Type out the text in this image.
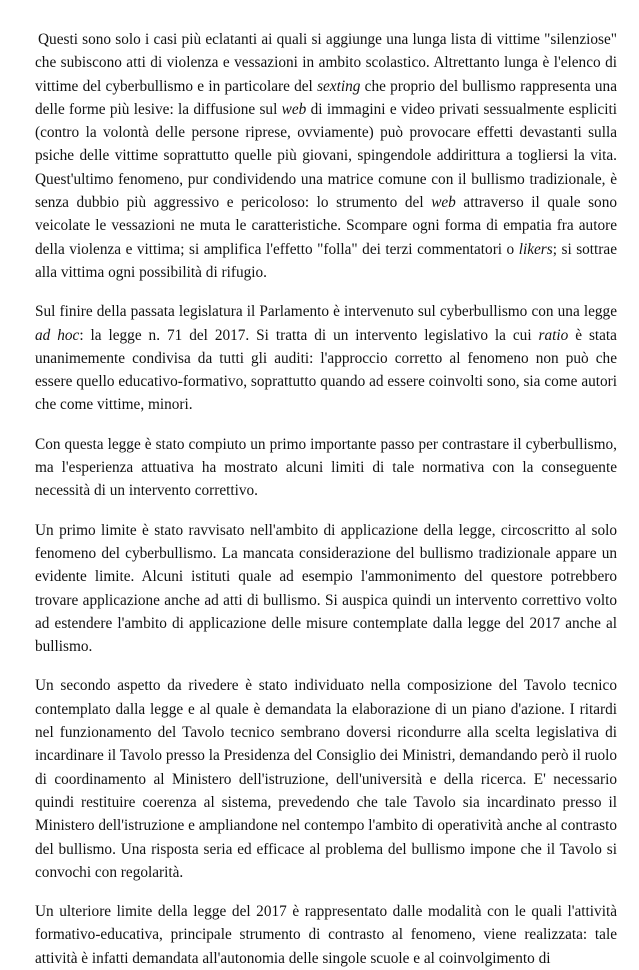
Questi sono solo i casi più eclatanti ai quali si aggiunge una lunga lista di vittime "silenziose" che subiscono atti di violenza e vessazioni in ambito scolastico. Altrettanto lunga è l'elenco di vittime del cyberbullismo e in particolare del sexting che proprio del bullismo rappresenta una delle forme più lesive: la diffusione sul web di immagini e video privati sessualmente espliciti (contro la volontà delle persone riprese, ovviamente) può provocare effetti devastanti sulla psiche delle vittime soprattutto quelle più giovani, spingendole addirittura a togliersi la vita. Quest'ultimo fenomeno, pur condividendo una matrice comune con il bullismo tradizionale, è senza dubbio più aggressivo e pericoloso: lo strumento del web attraverso il quale sono veicolate le vessazioni ne muta le caratteristiche. Scompare ogni forma di empatia fra autore della violenza e vittima; si amplifica l'effetto "folla" dei terzi commentatori o likers; si sottrae alla vittima ogni possibilità di rifugio.

Sul finire della passata legislatura il Parlamento è intervenuto sul cyberbullismo con una legge ad hoc: la legge n. 71 del 2017. Si tratta di un intervento legislativo la cui ratio è stata unanimemente condivisa da tutti gli auditi: l'approccio corretto al fenomeno non può che essere quello educativo-formativo, soprattutto quando ad essere coinvolti sono, sia come autori che come vittime, minori.

Con questa legge è stato compiuto un primo importante passo per contrastare il cyberbullismo, ma l'esperienza attuativa ha mostrato alcuni limiti di tale normativa con la conseguente necessità di un intervento correttivo.

Un primo limite è stato ravvisato nell'ambito di applicazione della legge, circoscritto al solo fenomeno del cyberbullismo. La mancata considerazione del bullismo tradizionale appare un evidente limite. Alcuni istituti quale ad esempio l'ammonimento del questore potrebbero trovare applicazione anche ad atti di bullismo. Si auspica quindi un intervento correttivo volto ad estendere l'ambito di applicazione delle misure contemplate dalla legge del 2017 anche al bullismo.

Un secondo aspetto da rivedere è stato individuato nella composizione del Tavolo tecnico contemplato dalla legge e al quale è demandata la elaborazione di un piano d'azione. I ritardi nel funzionamento del Tavolo tecnico sembrano doversi ricondurre alla scelta legislativa di incardinare il Tavolo presso la Presidenza del Consiglio dei Ministri, demandando però il ruolo di coordinamento al Ministero dell'istruzione, dell'università e della ricerca. E' necessario quindi restituire coerenza al sistema, prevedendo che tale Tavolo sia incardinato presso il Ministero dell'istruzione e ampliandone nel contempo l'ambito di operatività anche al contrasto del bullismo. Una risposta seria ed efficace al problema del bullismo impone che il Tavolo si convochi con regolarità.

Un ulteriore limite della legge del 2017 è rappresentato dalle modalità con le quali l'attività formativo-educativa, principale strumento di contrasto al fenomeno, viene realizzata: tale attività è infatti demandata all'autonomia delle singole scuole e al coinvolgimento di
